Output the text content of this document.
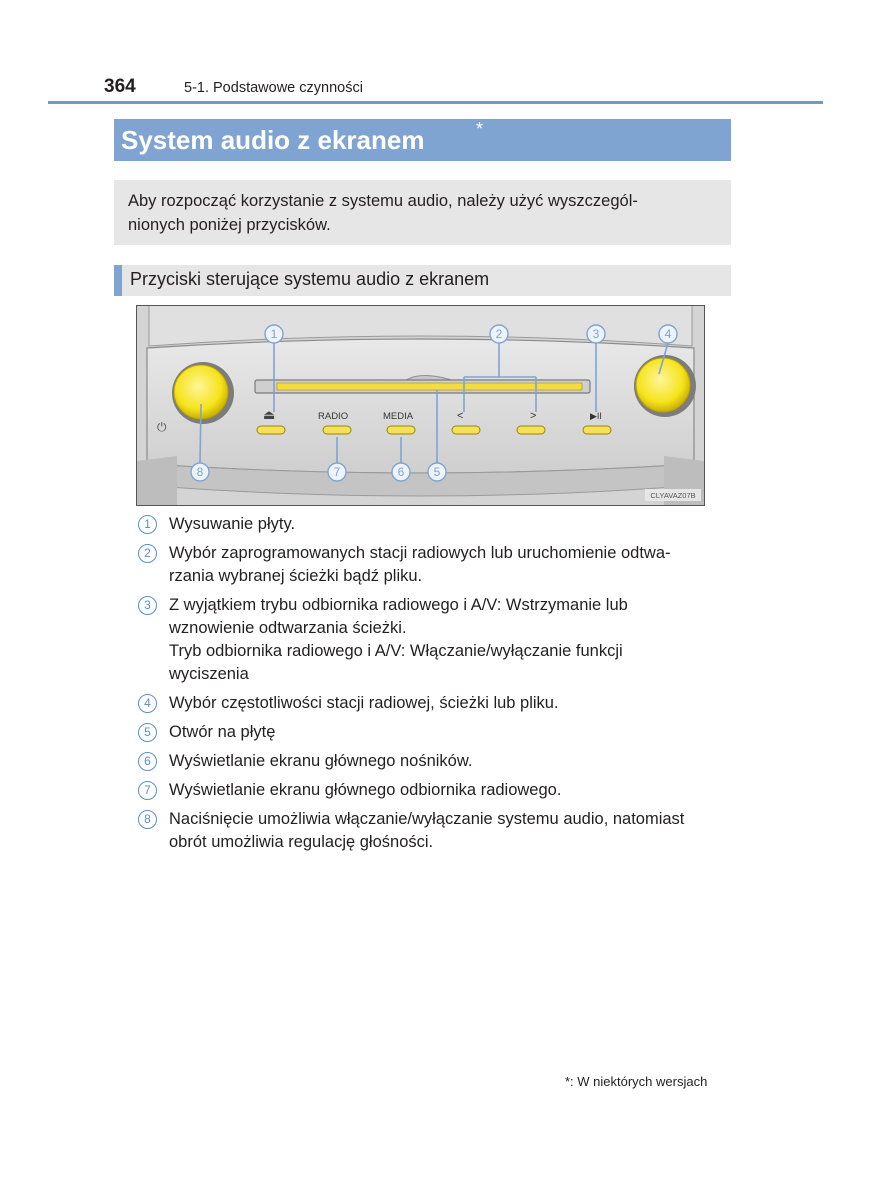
364	5-1. Podstawowe czynności
System audio z ekranem	*
Aby rozpocząć korzystanie z systemu audio, należy użyć wyszczegól-
nionych poniżej przycisków.
Przyciski sterujące systemu audio z ekranem
⏻
⏏	RADIO	MEDIA	<	>	▶II
1	2	3	4
5
6
7
8
CLYAVAZ07B
1	Wysuwanie płyty.
2	Wybór zaprogramowanych stacji radiowych lub uruchomienie odtwa-
rzania wybranej ścieżki bądź pliku.
3	Z wyjątkiem trybu odbiornika radiowego i A/V: Wstrzymanie lub
wznowienie odtwarzania ścieżki.
Tryb odbiornika radiowego i A/V: Włączanie/wyłączanie funkcji
wyciszenia
4	Wybór częstotliwości stacji radiowej, ścieżki lub pliku.
5	Otwór na płytę
6	Wyświetlanie ekranu głównego nośników.
7	Wyświetlanie ekranu głównego odbiornika radiowego.
8	Naciśnięcie umożliwia włączanie/wyłączanie systemu audio, natomiast
obrót umożliwia regulację głośności.
*: W niektórych wersjach
